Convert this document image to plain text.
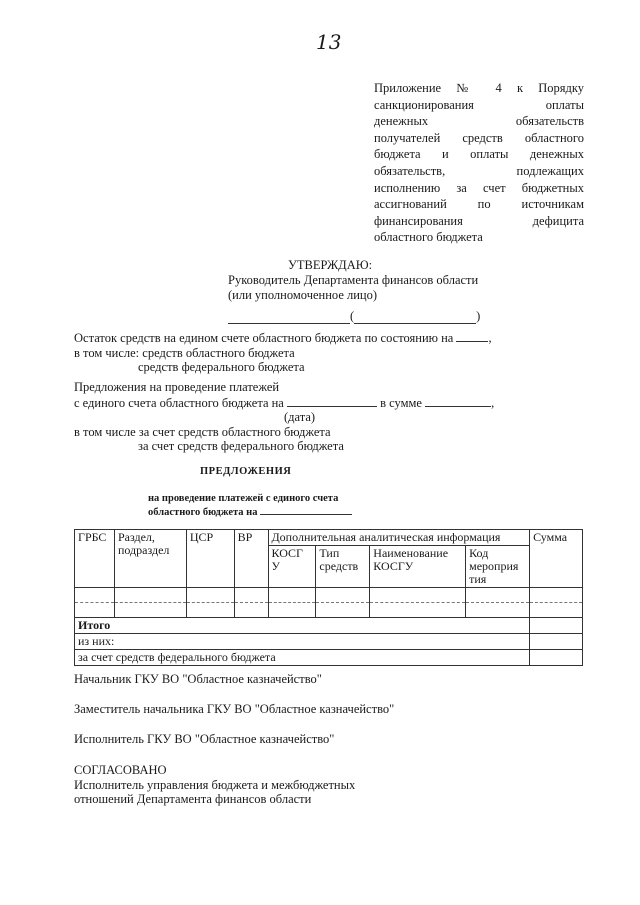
13
Приложение № 4 к Порядку
санкционирования оплаты
денежных обязательств
получателей средств областного
бюджета и оплаты денежных
обязательств, подлежащих
исполнению за счет бюджетных
ассигнований по источникам
финансирования дефицита
областного бюджета
УТВЕРЖДАЮ:
Руководитель Департамента финансов области
(или уполномоченное лицо)
(	)
Остаток средств на едином счете областного бюджета по состоянию на	,
в том числе: средств областного бюджета
средств федерального бюджета
Предложения на проведение платежей
с единого счета областного бюджета на	в сумме	,
(дата)
в том числе за счет средств областного бюджета
за счет средств федерального бюджета
ПРЕДЛОЖЕНИЯ
на проведение платежей с единого счета
областного бюджета на
ГРБС	Раздел, подраздел	ЦСР	ВР	Дополнительная аналитическая информация				Сумма
				КОСГ У	Тип средств	Наименование КОСГУ	Код мероприя тия	

Итого								
из них:								
за счет средств федерального бюджета								
Начальник ГКУ ВО "Областное казначейство"
Заместитель начальника ГКУ ВО "Областное казначейство"
Исполнитель ГКУ ВО "Областное казначейство"
СОГЛАСОВАНО
Исполнитель управления бюджета и межбюджетных
отношений Департамента финансов области
